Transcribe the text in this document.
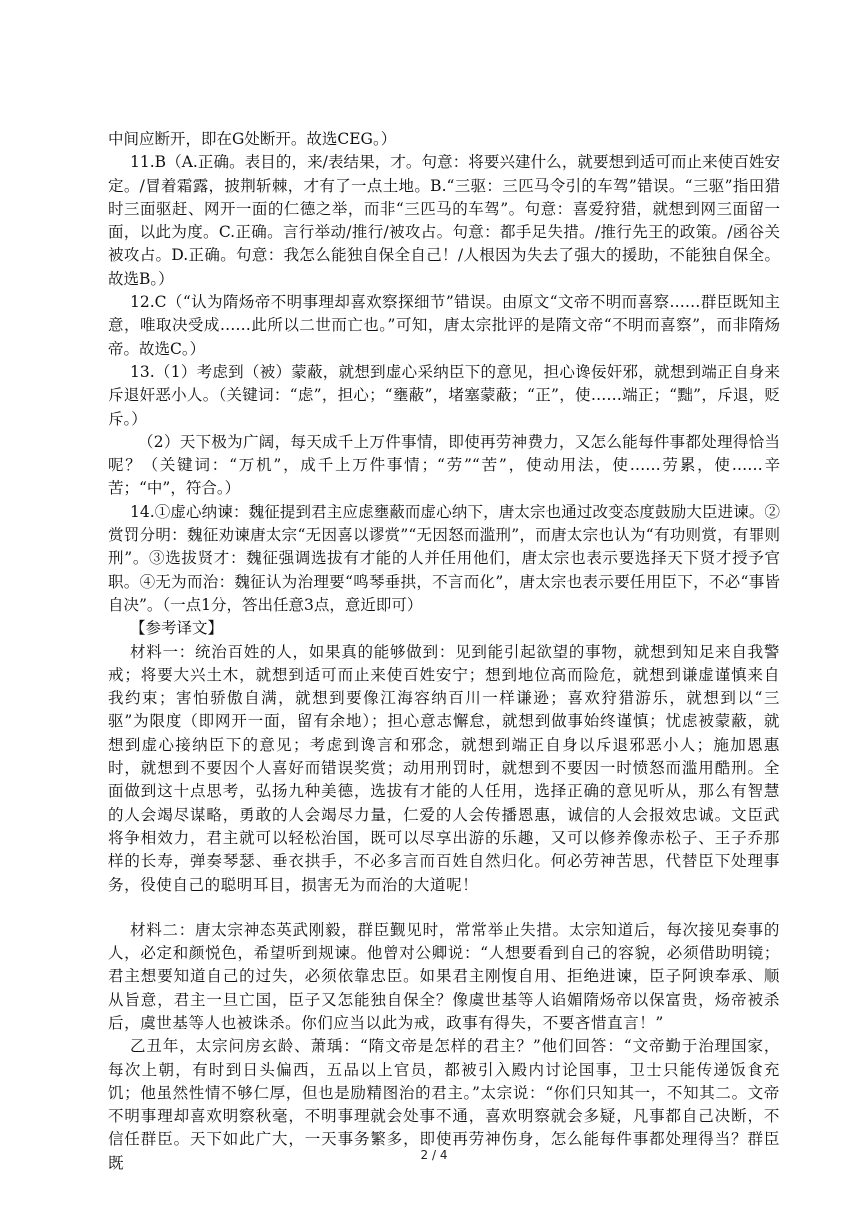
中间应断开，即在G处断开。故选CEG。）

11.B（A.正确。表目的，来/表结果，才。句意：将要兴建什么，就要想到适可而止来使百姓安定。/冒着霜露，披荆斩棘，才有了一点土地。B.“三驱：三匹马令引的车驾”错误。“三驱”指田猎时三面驱赶、网开一面的仁德之举，而非“三匹马的车驾”。句意：喜爱狩猎，就想到网三面留一面，以此为度。C.正确。言行举动/推行/被攻占。句意：都手足失措。/推行先王的政策。/函谷关被攻占。D.正确。句意：我怎么能独自保全自己！/人根因为失去了强大的援助，不能独自保全。故选B。）

12.C（“认为隋炀帝不明事理却喜欢察探细节”错误。由原文“文帝不明而喜察……群臣既知主意，唯取决受成……此所以二世而亡也。”可知，唐太宗批评的是隋文帝“不明而喜察”，而非隋炀帝。故选C。）

13.（1）考虑到（被）蒙蔽，就想到虚心采纳臣下的意见，担心谗佞奸邪，就想到端正自身来斥退奸恶小人。（关键词：“虑”，担心；“壅蔽”，堵塞蒙蔽；“正”，使……端正；“黜”，斥退，贬斥。）

（2）天下极为广阔，每天成千上万件事情，即使再劳神费力，又怎么能每件事都处理得恰当呢？（关键词：“万机”，成千上万件事情；“劳”“苦”，使动用法，使……劳累，使……辛苦；“中”，符合。）

14.①虚心纳谏：魏征提到君主应虑壅蔽而虚心纳下，唐太宗也通过改变态度鼓励大臣进谏。②赏罚分明：魏征劝谏唐太宗“无因喜以谬赏”“无因怒而滥刑”，而唐太宗也认为“有功则赏，有罪则刑”。③选拔贤才：魏征强调选拔有才能的人并任用他们，唐太宗也表示要选择天下贤才授予官职。④无为而治：魏征认为治理要“鸣琴垂拱，不言而化”，唐太宗也表示要任用臣下，不必“事皆自决”。（一点1分，答出任意3点，意近即可）

【参考译文】

材料一：统治百姓的人，如果真的能够做到：见到能引起欲望的事物，就想到知足来自我警戒；将要大兴土木，就想到适可而止来使百姓安宁；想到地位高而险危，就想到谦虚谨慎来自我约束；害怕骄傲自满，就想到要像江海容纳百川一样谦逊；喜欢狩猎游乐，就想到以“三驱”为限度（即网开一面，留有余地）；担心意志懈怠，就想到做事始终谨慎；忧虑被蒙蔽，就想到虚心接纳臣下的意见；考虑到谗言和邪念，就想到端正自身以斥退邪恶小人；施加恩惠时，就想到不要因个人喜好而错误奖赏；动用刑罚时，就想到不要因一时愤怒而滥用酷刑。全面做到这十点思考，弘扬九种美德，选拔有才能的人任用，选择正确的意见听从，那么有智慧的人会竭尽谋略，勇敢的人会竭尽力量，仁爱的人会传播恩惠，诚信的人会报效忠诚。文臣武将争相效力，君主就可以轻松治国，既可以尽享出游的乐趣，又可以修养像赤松子、王子乔那样的长寿，弹奏琴瑟、垂衣拱手，不必多言而百姓自然归化。何必劳神苦思，代替臣下处理事务，役使自己的聪明耳目，损害无为而治的大道呢！

材料二：唐太宗神态英武刚毅，群臣觐见时，常常举止失措。太宗知道后，每次接见奏事的人，必定和颜悦色，希望听到规谏。他曾对公卿说：“人想要看到自己的容貌，必须借助明镜；君主想要知道自己的过失，必须依靠忠臣。如果君主刚愎自用、拒绝进谏，臣子阿谀奉承、顺从旨意，君主一旦亡国，臣子又怎能独自保全？像虞世基等人谄媚隋炀帝以保富贵，炀帝被杀后，虞世基等人也被诛杀。你们应当以此为戒，政事有得失，不要吝惜直言！”

乙丑年，太宗问房玄龄、萧瑀：“隋文帝是怎样的君主？”他们回答：“文帝勤于治理国家，每次上朝，有时到日头偏西，五品以上官员，都被引入殿内讨论国事，卫士只能传递饭食充饥；他虽然性情不够仁厚，但也是励精图治的君主。”太宗说：“你们只知其一，不知其二。文帝不明事理却喜欢明察秋毫，不明事理就会处事不通，喜欢明察就会多疑，凡事都自己决断，不信任群臣。天下如此广大，一天事务繁多，即使再劳神伤身，怎么能每件事都处理得当？群臣既	2 / 4
